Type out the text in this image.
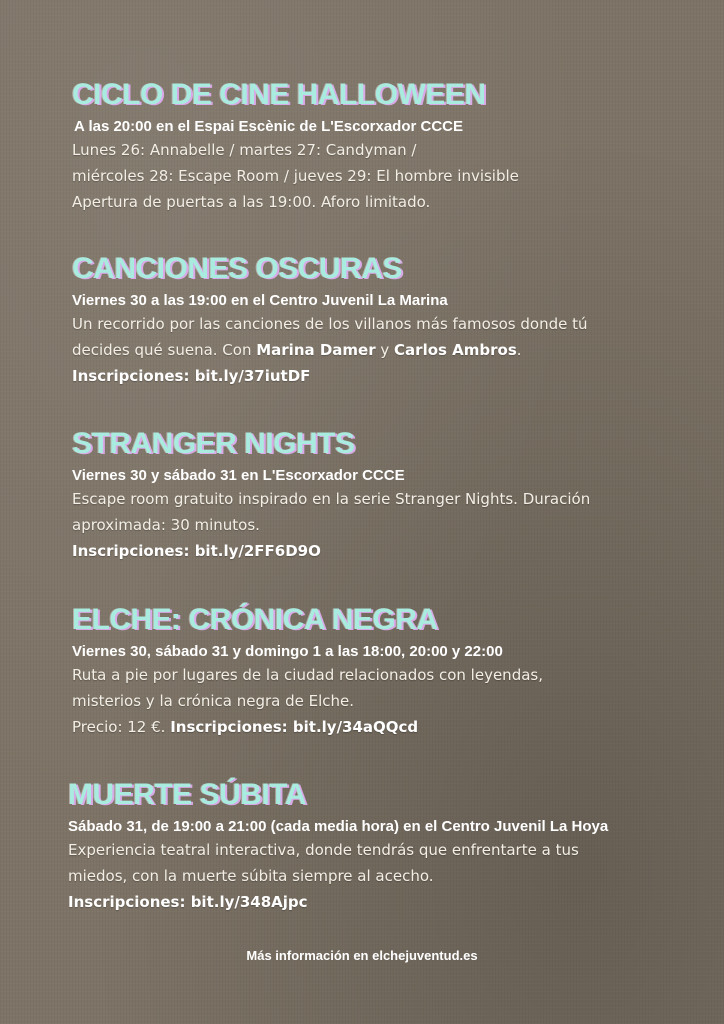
CICLO DE CINE HALLOWEEN
A las 20:00 en el Espai Escènic de L'Escorxador CCCE
Lunes 26: Annabelle / martes 27: Candyman /
miércoles 28: Escape Room / jueves 29: El hombre invisible
Apertura de puertas a las 19:00. Aforo limitado.
CANCIONES OSCURAS
Viernes 30 a las 19:00 en el Centro Juvenil La Marina
Un recorrido por las canciones de los villanos más famosos donde tú
decides qué suena. Con Marina Damer y Carlos Ambros.
Inscripciones: bit.ly/37iutDF
STRANGER NIGHTS
Viernes 30 y sábado 31 en L'Escorxador CCCE
Escape room gratuito inspirado en la serie Stranger Nights. Duración
aproximada: 30 minutos.
Inscripciones: bit.ly/2FF6D9O
ELCHE: CRÓNICA NEGRA
Viernes 30, sábado 31 y domingo 1 a las 18:00, 20:00 y 22:00
Ruta a pie por lugares de la ciudad relacionados con leyendas,
misterios y la crónica negra de Elche.
Precio: 12 €. Inscripciones: bit.ly/34aQQcd
MUERTE SÚBITA
Sábado 31, de 19:00 a 21:00 (cada media hora) en el Centro Juvenil La Hoya
Experiencia teatral interactiva, donde tendrás que enfrentarte a tus
miedos, con la muerte súbita siempre al acecho.
Inscripciones: bit.ly/348Ajpc
Más información en elchejuventud.es
